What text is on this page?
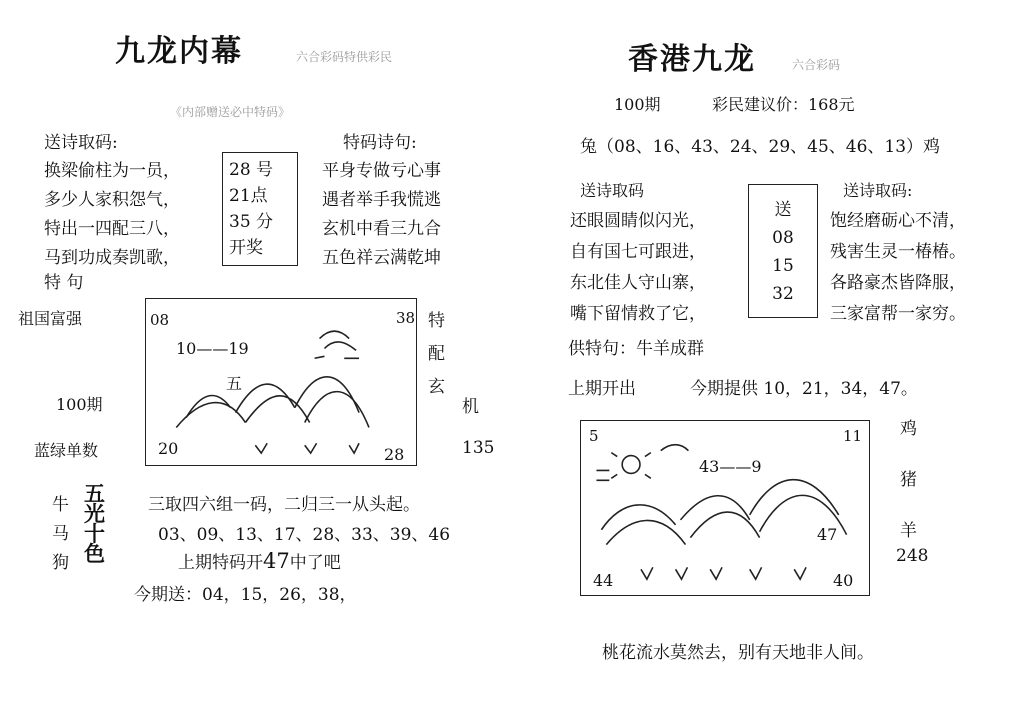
九龙内幕	六合彩码特供彩民
《内部赠送必中特码》
送诗取码:	特码诗句:
换梁偷柱为一员，
多少人家积怨气，
特出一四配三八，
马到功成奏凯歌，
28 号
21点
35 分
开奖
平身专做亏心事
遇者举手我慌逃
玄机中看三九合
五色祥云满乾坤
特 句
祖国富强
100期
蓝绿单数
08	38
10——19
五
20	28
特
配
玄
机
135
牛
马
狗
五
光
十
色
三取四六组一码，二归三一从头起。
03、09、13、17、28、33、39、46
上期特码开47中了吧
今期送：04，15，26，38，
香港九龙	六合彩码
100期	彩民建议价：168元
兔（08、16、43、24、29、45、46、13）鸡
送诗取码	送诗取码:
还眼圆睛似闪光，
自有国七可跟进，
东北佳人守山寨，
嘴下留情救了它，
送
08
15
32
饱经磨砺心不清，
残害生灵一椿椿。
各路豪杰皆降服，
三家富帮一家穷。
供特句：牛羊成群
上期开出	今期提供 10，21，34，47。
5	11
43——9
47
44	40
鸡
猪
羊
248
桃花流水莫然去，别有天地非人间。
